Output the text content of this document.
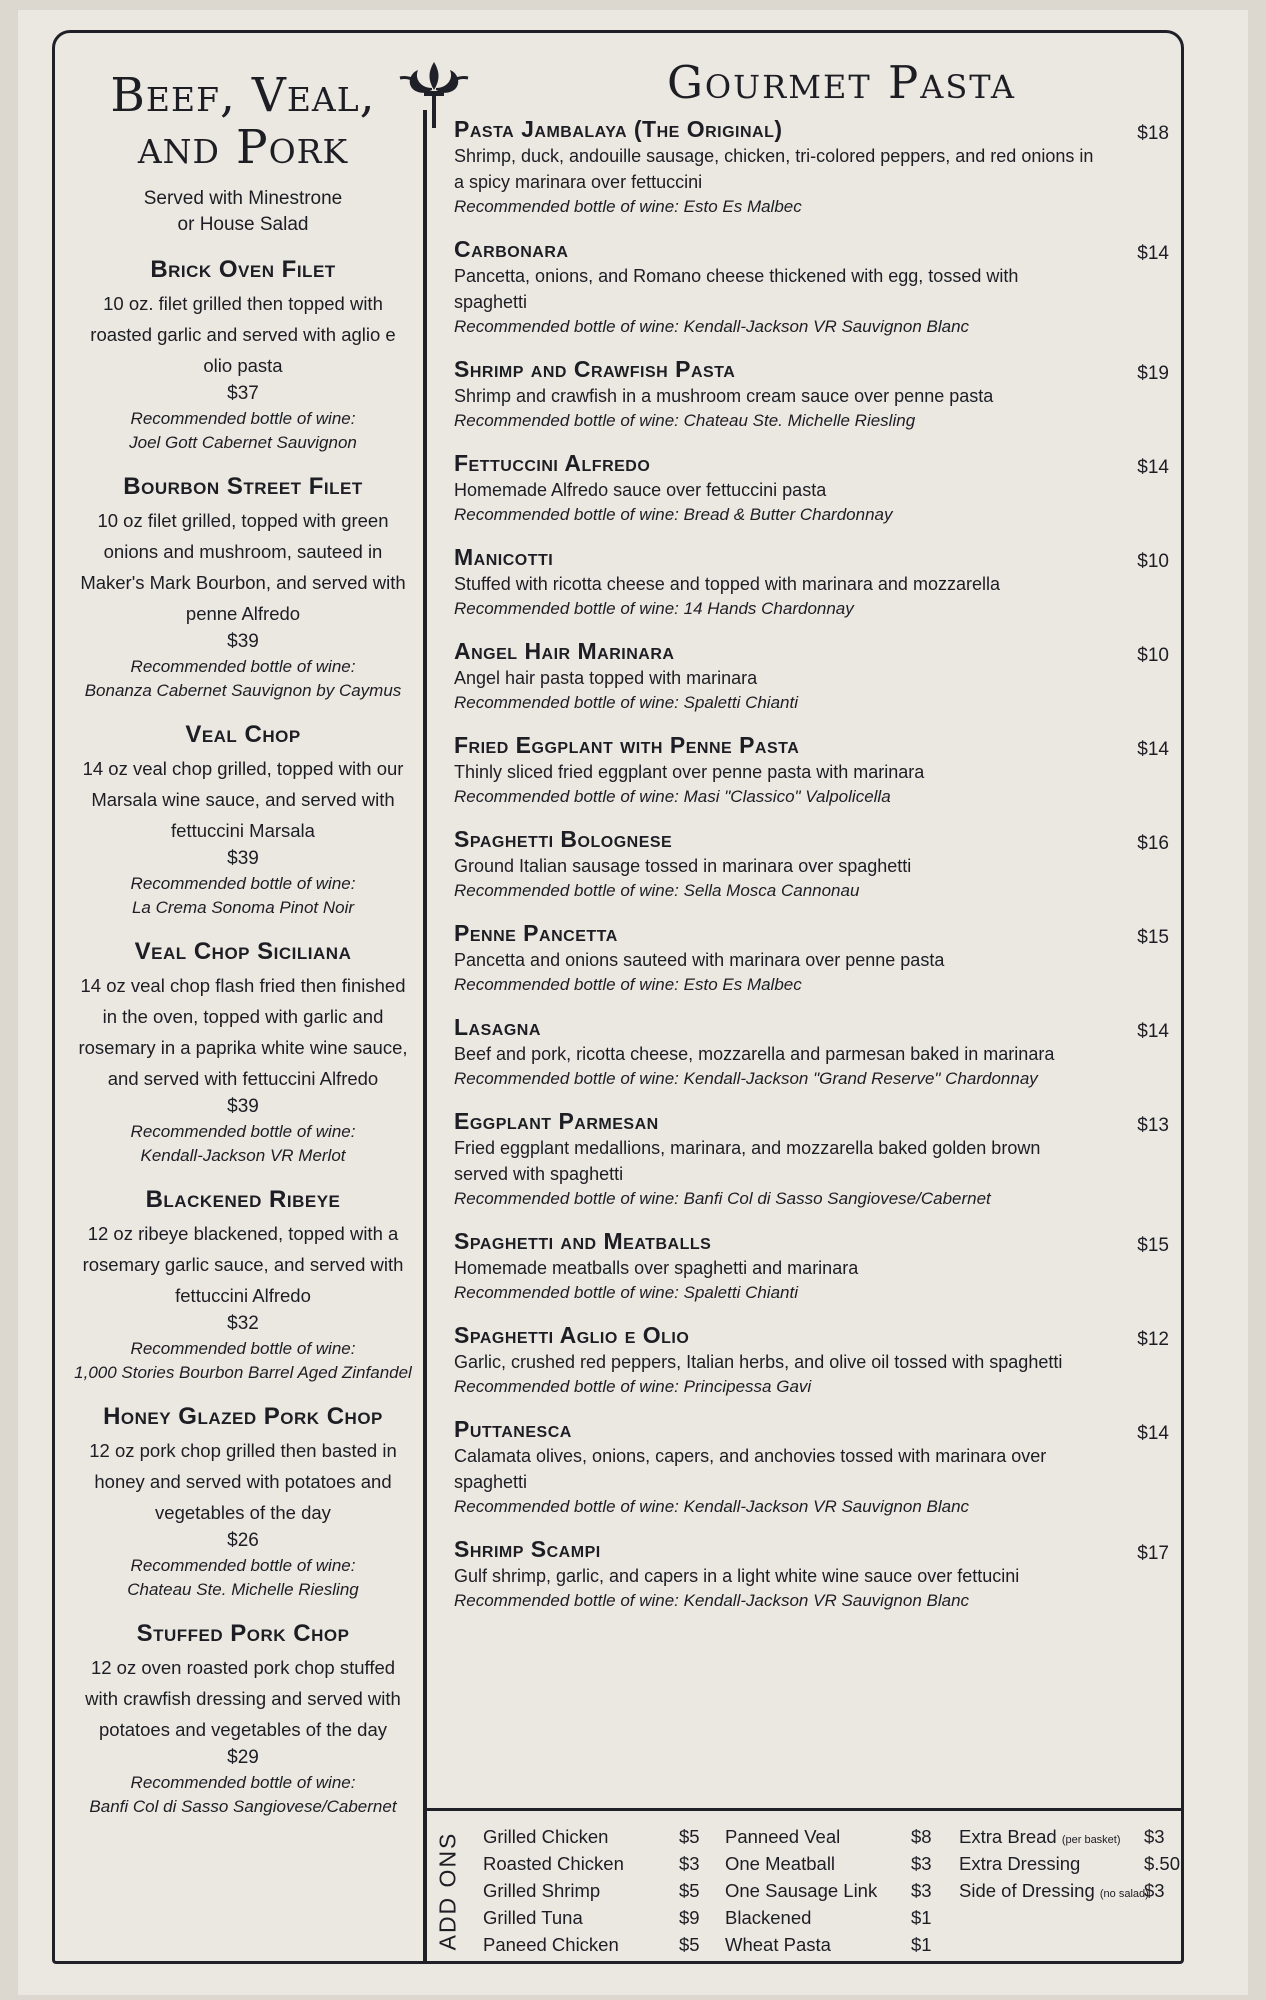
Beef, Veal,
and Pork
Served with Minestrone
or House Salad
Brick Oven Filet
10 oz. filet grilled then topped with roasted garlic and served with aglio e olio pasta
$37
Recommended bottle of wine:
Joel Gott Cabernet Sauvignon
Bourbon Street Filet
10 oz filet grilled, topped with green onions and mushroom, sauteed in Maker's Mark Bourbon, and served with penne Alfredo
$39
Recommended bottle of wine:
Bonanza Cabernet Sauvignon by Caymus
Veal Chop
14 oz veal chop grilled, topped with our Marsala wine sauce, and served with fettuccini Marsala
$39
Recommended bottle of wine:
La Crema Sonoma Pinot Noir
Veal Chop Siciliana
14 oz veal chop flash fried then finished in the oven, topped with garlic and rosemary in a paprika white wine sauce, and served with fettuccini Alfredo
$39
Recommended bottle of wine:
Kendall-Jackson VR Merlot
Blackened Ribeye
12 oz ribeye blackened, topped with a rosemary garlic sauce, and served with fettuccini Alfredo
$32
Recommended bottle of wine:
1,000 Stories Bourbon Barrel Aged Zinfandel
Honey Glazed Pork Chop
12 oz pork chop grilled then basted in honey and served with potatoes and vegetables of the day
$26
Recommended bottle of wine:
Chateau Ste. Michelle Riesling
Stuffed Pork Chop
12 oz oven roasted pork chop stuffed with crawfish dressing and served with potatoes and vegetables of the day
$29
Recommended bottle of wine:
Banfi Col di Sasso Sangiovese/Cabernet
Gourmet Pasta
Pasta Jambalaya (The Original)
Shrimp, duck, andouille sausage, chicken, tri-colored peppers, and red onions in a spicy marinara over fettuccini
Recommended bottle of wine: Esto Es Malbec
$18
Carbonara
Pancetta, onions, and Romano cheese thickened with egg, tossed with spaghetti
Recommended bottle of wine: Kendall-Jackson VR Sauvignon Blanc
$14
Shrimp and Crawfish Pasta
Shrimp and crawfish in a mushroom cream sauce over penne pasta
Recommended bottle of wine: Chateau Ste. Michelle Riesling
$19
Fettuccini Alfredo
Homemade Alfredo sauce over fettuccini pasta
Recommended bottle of wine: Bread & Butter Chardonnay
$14
Manicotti
Stuffed with ricotta cheese and topped with marinara and mozzarella
Recommended bottle of wine: 14 Hands Chardonnay
$10
Angel Hair Marinara
Angel hair pasta topped with marinara
Recommended bottle of wine: Spaletti Chianti
$10
Fried Eggplant with Penne Pasta
Thinly sliced fried eggplant over penne pasta with marinara
Recommended bottle of wine: Masi "Classico" Valpolicella
$14
Spaghetti Bolognese
Ground Italian sausage tossed in marinara over spaghetti
Recommended bottle of wine: Sella Mosca Cannonau
$16
Penne Pancetta
Pancetta and onions sauteed with marinara over penne pasta
Recommended bottle of wine: Esto Es Malbec
$15
Lasagna
Beef and pork, ricotta cheese, mozzarella and parmesan baked in marinara
Recommended bottle of wine: Kendall-Jackson "Grand Reserve" Chardonnay
$14
Eggplant Parmesan
Fried eggplant medallions, marinara, and mozzarella baked golden brown served with spaghetti
Recommended bottle of wine: Banfi Col di Sasso Sangiovese/Cabernet
$13
Spaghetti and Meatballs
Homemade meatballs over spaghetti and marinara
Recommended bottle of wine: Spaletti Chianti
$15
Spaghetti Aglio e Olio
Garlic, crushed red peppers, Italian herbs, and olive oil tossed with spaghetti
Recommended bottle of wine: Principessa Gavi
$12
Puttanesca
Calamata olives, onions, capers, and anchovies tossed with marinara over spaghetti
Recommended bottle of wine: Kendall-Jackson VR Sauvignon Blanc
$14
Shrimp Scampi
Gulf shrimp, garlic, and capers in a light white wine sauce over fettucini
Recommended bottle of wine: Kendall-Jackson VR Sauvignon Blanc
$17
ADD ONS Grilled Chicken	$5
Roasted Chicken	$3
Grilled Shrimp	$5
Grilled Tuna	$9
Paneed Chicken	$5
Panneed Veal	$8
One Meatball	$3
One Sausage Link $3
Blackened	$1
Wheat Pasta	$1
Extra Bread (per basket) $3
Extra Dressing	$.50
Side of Dressing (no salad)
$3
